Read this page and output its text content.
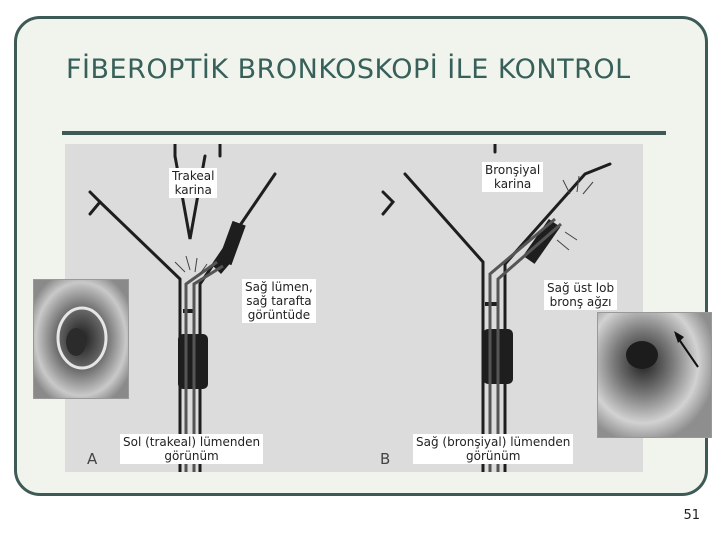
FİBEROPTİK BRONKOSKOPİ İLE KONTROL
Trakeal
karina
Bronşiyal
karina
Sağ lümen,
sağ tarafta
görüntüde
Sağ üst lob
bronş ağzı
Sol (trakeal) lümenden
görünüm
Sağ (bronşiyal) lümenden
görünüm
A	B
51
